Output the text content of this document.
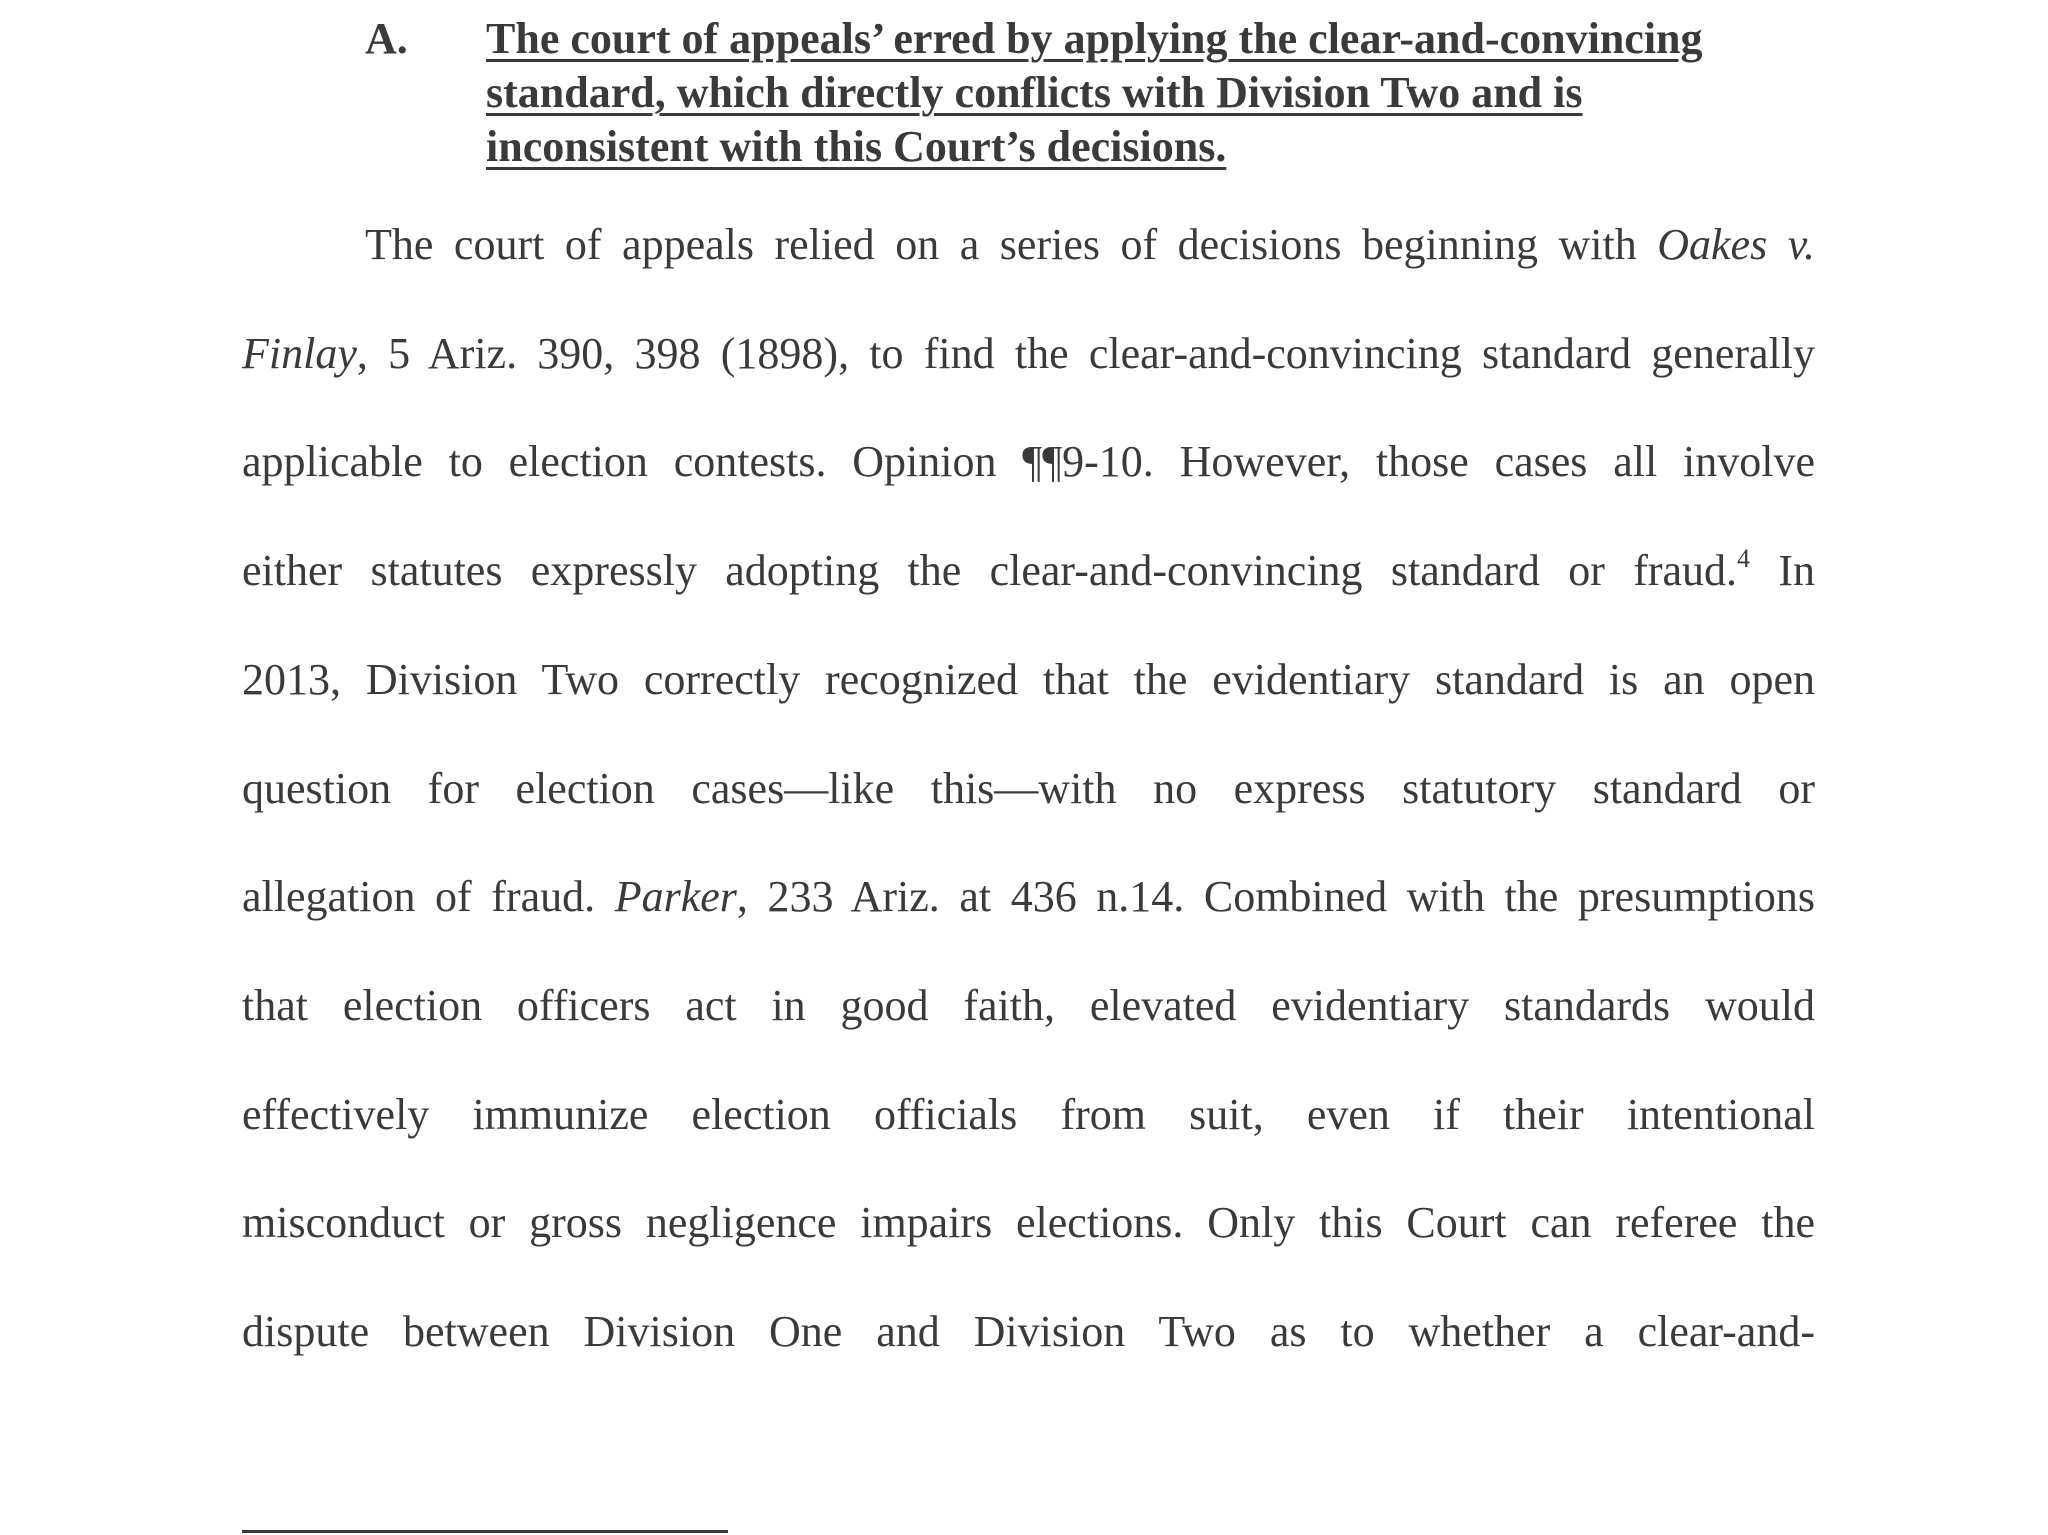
A. The court of appeals’ erred by applying the clear-and-convincing
standard, which directly conflicts with Division Two and is
inconsistent with this Court’s decisions.
The court of appeals relied on a series of decisions beginning with Oakes v.
Finlay, 5 Ariz. 390, 398 (1898), to find the clear-and-convincing standard generally
applicable to election contests. Opinion ¶¶9-10. However, those cases all involve
either statutes expressly adopting the clear-and-convincing standard or fraud.$^4$ In
2013, Division Two correctly recognized that the evidentiary standard is an open
question for election cases—like this—with no express statutory standard or
allegation of fraud. Parker, 233 Ariz. at 436 n.14. Combined with the presumptions
that election officers act in good faith, elevated evidentiary standards would
effectively immunize election officials from suit, even if their intentional
misconduct or gross negligence impairs elections. Only this Court can referee the
dispute between Division One and Division Two as to whether a clear-and-
